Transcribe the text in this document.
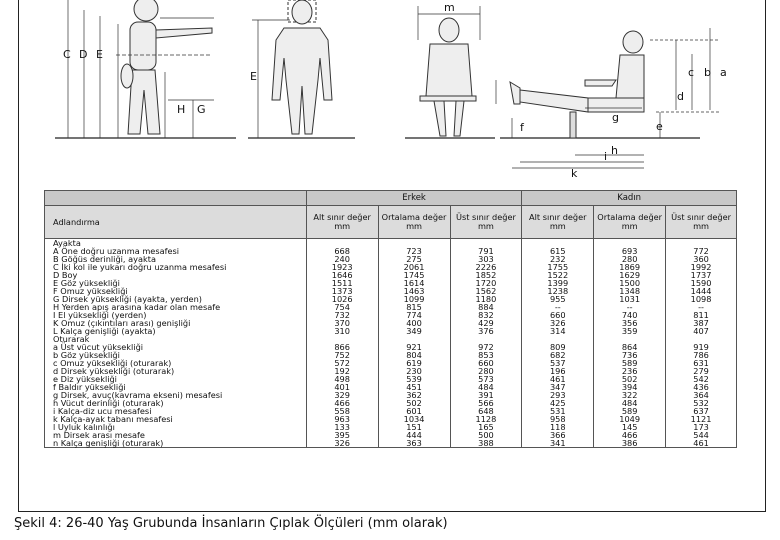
C D E
H G
E
m
c b a
d
e
f
g
h
i
k
	Erkek			Kadın		
Adlandırma	Alt sınır değer mm	Ortalama değer mm	Üst sınır değer mm	Alt sınır değer mm	Ortalama değer mm	Üst sınır değer mm
Ayakta						
A Öne doğru uzanma mesafesi	668	723	791	615	693	772
B Göğüs derinliği, ayakta	240	275	303	232	280	360
C İki kol ile yukarı doğru uzanma mesafesi	1923	2061	2226	1755	1869	1992
D Boy	1646	1745	1852	1522	1629	1737
E Göz yüksekliği	1511	1614	1720	1399	1500	1590
F Omuz yüksekliği	1373	1463	1562	1238	1348	1444
G Dirsek yüksekliği (ayakta, yerden)	1026	1099	1180	955	1031	1098
H Yerden apış arasına kadar olan mesafe	754	815	884	--	--	--
I El yüksekliği (yerden)	732	774	832	660	740	811
K Omuz (çıkıntıları arası) genişliği	370	400	429	326	356	387
L Kalça genişliği (ayakta)	310	349	376	314	359	407
Oturarak						
a Üst vücut yüksekliği	866	921	972	809	864	919
b Göz yüksekliği	752	804	853	682	736	786
c Omuz yüksekliği (oturarak)	572	619	660	537	589	631
d Dirsek yüksekliği (oturarak)	192	230	280	196	236	279
e Diz yüksekliği	498	539	573	461	502	542
f Baldır yüksekliği	401	451	484	347	394	436
g Dirsek, avuç(kavrama ekseni) mesafesi	329	362	391	293	322	364
h Vücut derinliği (oturarak)	466	502	566	425	484	532
i Kalça-diz ucu mesafesi	558	601	648	531	589	637
k Kalça-ayak tabanı mesafesi	963	1034	1128	958	1049	1121
l Uyluk kalınlığı	133	151	165	118	145	173
m Dirsek arası mesafe	395	444	500	366	466	544
n Kalça genişliği (oturarak)	326	363	388	341	386	461
Şekil 4: 26-40 Yaş Grubunda İnsanların Çıplak Ölçüleri (mm olarak)
